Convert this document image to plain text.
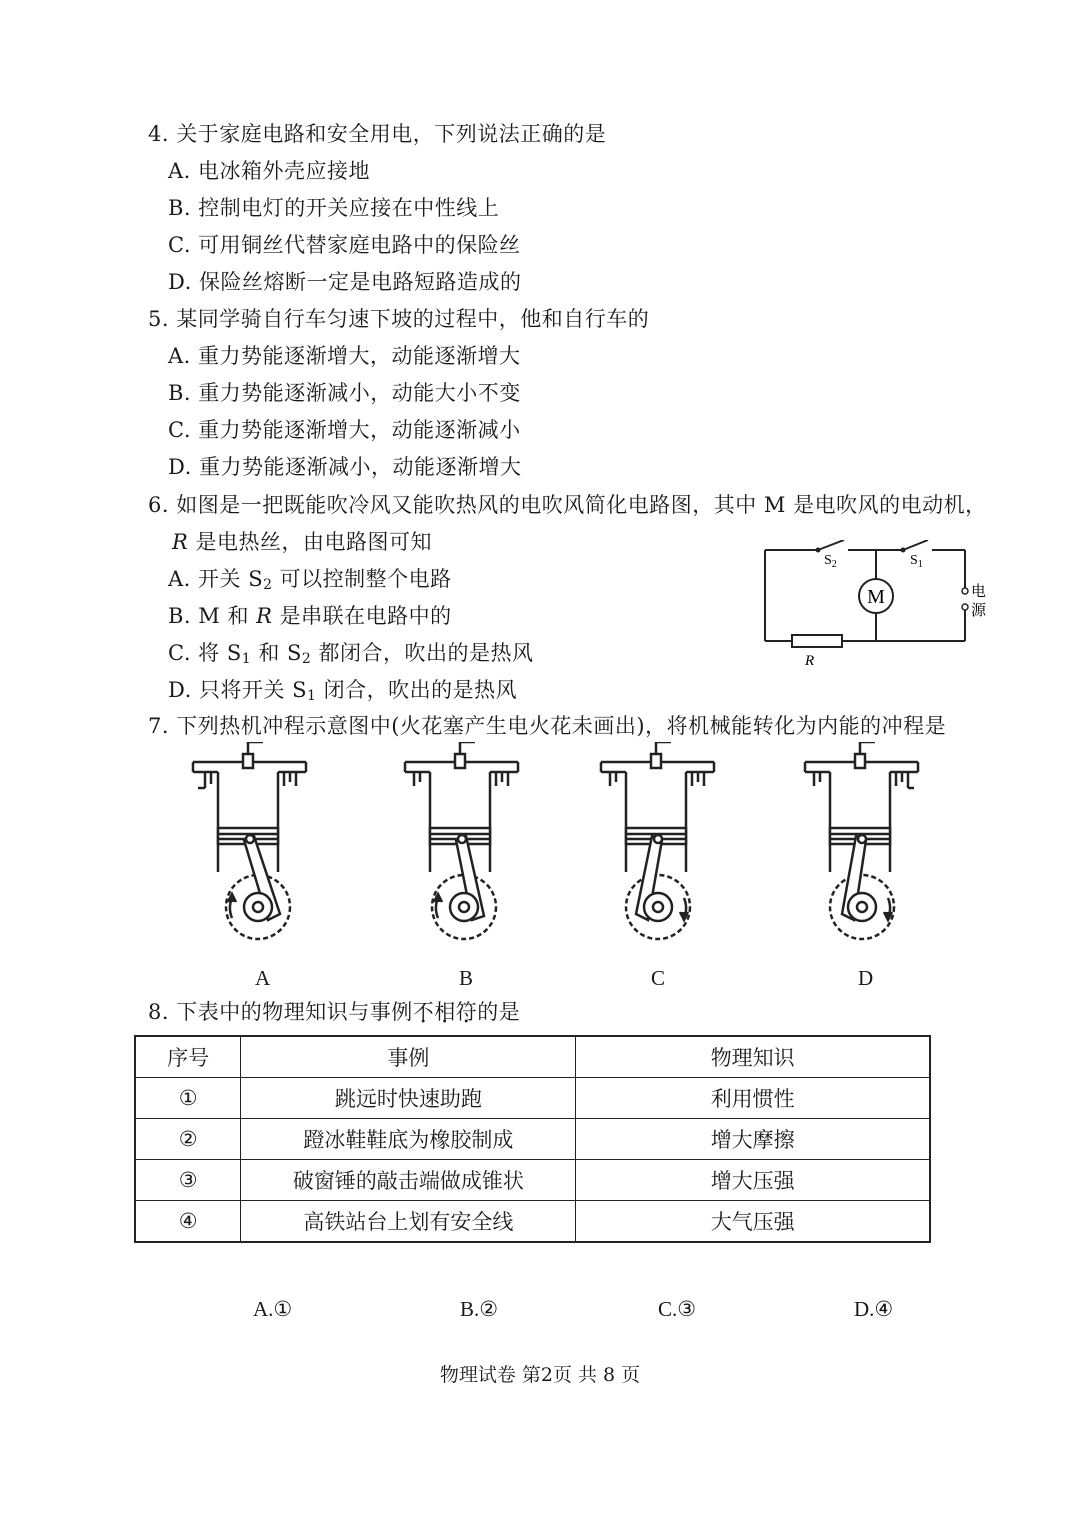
4. 关于家庭电路和安全用电，下列说法正确的是
A. 电冰箱外壳应接地
B. 控制电灯的开关应接在中性线上
C. 可用铜丝代替家庭电路中的保险丝
D. 保险丝熔断一定是电路短路造成的
5. 某同学骑自行车匀速下坡的过程中，他和自行车的
A. 重力势能逐渐增大，动能逐渐增大
B. 重力势能逐渐减小，动能大小不变
C. 重力势能逐渐增大，动能逐渐减小
D. 重力势能逐渐减小，动能逐渐增大
6. 如图是一把既能吹冷风又能吹热风的电吹风简化电路图，其中 M 是电吹风的电动机，
R 是电热丝，由电路图可知
A. 开关 $S_2$ 可以控制整个电路
B. M 和 R 是串联在电路中的
C. 将 $S_1$ 和 $S_2$ 都闭合，吹出的是热风
D. 只将开关 $S_1$ 闭合，吹出的是热风
$S_2$	$S_1$
M
R
电
源
7. 下列热机冲程示意图中(火花塞产生电火花未画出)，将机械能转化为内能的冲程是
A	B	C	D
8. 下表中的物理知识与事例不相符的是
序号	事例	物理知识
①	跳远时快速助跑	利用惯性
②	蹬冰鞋鞋底为橡胶制成	增大摩擦
③	破窗锤的敲击端做成锥状	增大压强
④	高铁站台上划有安全线	大气压强
A.①	B.②	C.③	D.④
物理试卷 第2页 共 8 页
